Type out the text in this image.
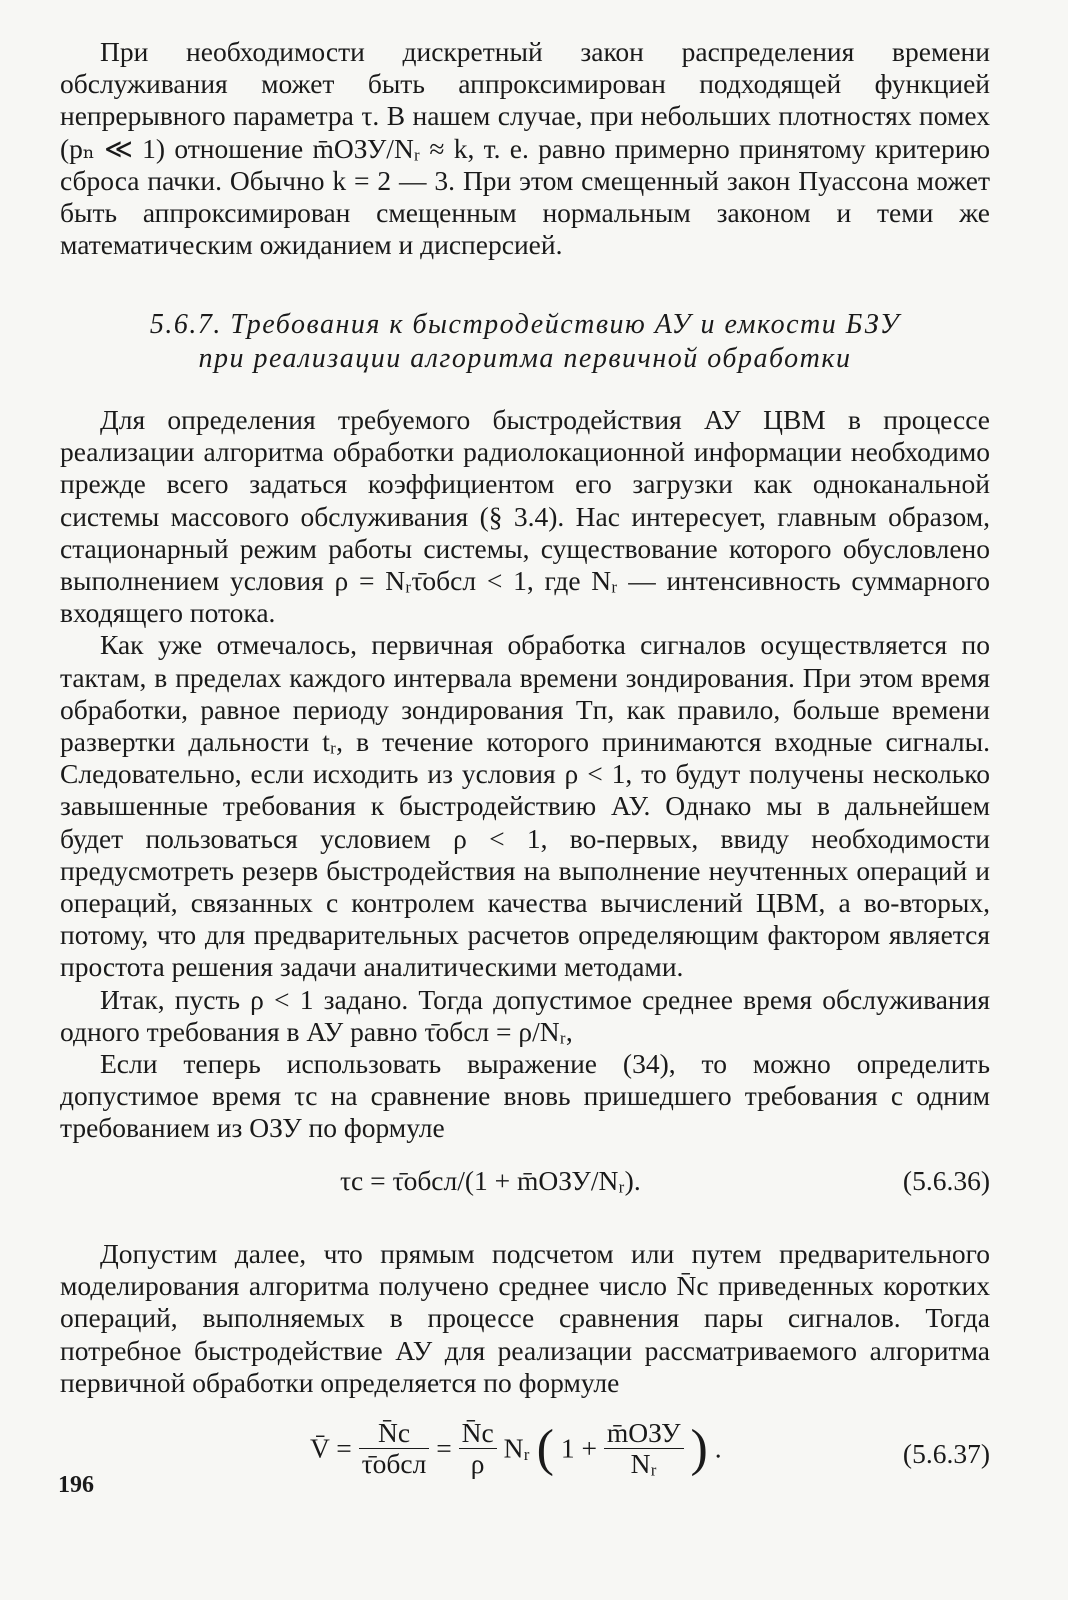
При необходимости дискретный закон распределения времени обслуживания может быть аппроксимирован подходящей функцией непрерывного параметра τ. В нашем случае, при небольших плотностях помех (pₙ ≪ 1) отношение m̄ОЗУ/Nᵣ ≈ k, т. е. равно примерно принятому критерию сброса пачки. Обычно k = 2 — 3. При этом смещенный закон Пуассона может быть аппроксимирован смещенным нормальным законом и теми же математическим ожиданием и дисперсией.

5.6.7. Требования к быстродействию АУ и емкости БЗУ
при реализации алгоритма первичной обработки

Для определения требуемого быстродействия АУ ЦВМ в процессе реализации алгоритма обработки радиолокационной информации необходимо прежде всего задаться коэффициентом его загрузки как одноканальной системы массового обслуживания (§ 3.4). Нас интересует, главным образом, стационарный режим работы системы, существование которого обусловлено выполнением условия ρ = Nᵣτ̄обсл < 1, где Nᵣ — интенсивность суммарного входящего потока.

Как уже отмечалось, первичная обработка сигналов осуществляется по тактам, в пределах каждого интервала времени зондирования. При этом время обработки, равное периоду зондирования Tп, как правило, больше времени развертки дальности tᵣ, в течение которого принимаются входные сигналы. Следовательно, если исходить из условия ρ < 1, то будут получены несколько завышенные требования к быстродействию АУ. Однако мы в дальнейшем будет пользоваться условием ρ < 1, во-первых, ввиду необходимости предусмотреть резерв быстродействия на выполнение неучтенных операций и операций, связанных с контролем качества вычислений ЦВМ, а во-вторых, потому, что для предварительных расчетов определяющим фактором является простота решения задачи аналитическими методами.

Итак, пусть ρ < 1 задано. Тогда допустимое среднее время обслуживания одного требования в АУ равно τ̄обсл = ρ/Nᵣ,

Если теперь использовать выражение (34), то можно определить допустимое время τc на сравнение вновь пришедшего требования с одним требованием из ОЗУ по формуле

τc = τ̄обсл/(1 + m̄ОЗУ/Nᵣ).	(5.6.36)

Допустим далее, что прямым подсчетом или путем предварительного моделирования алгоритма получено среднее число N̄c приведенных коротких операций, выполняемых в процессе сравнения пары сигналов. Тогда потребное быстродействие АУ для реализации рассматриваемого алгоритма первичной обработки определяется по формуле

V̄ = $\frac{N̄c}{\text{τ̄обсл}} = \frac{N̄c}{\rho}$ Nᵣ ( $1 + \frac{\text{m̄ОЗУ}}{\text{Nᵣ}}$ ) .	(5.6.37)
196
